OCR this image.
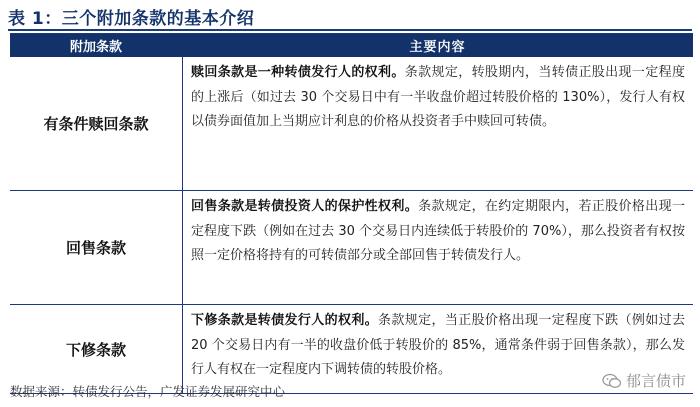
表 1：三个附加条款的基本介绍
附加条款	主要内容
有条件赎回条款
赎回条款是一种转债发行人的权利。条款规定，转股期内，当转债正股出现一定程度的上涨后（如过去 30 个交易日中有一半收盘价超过转股价格的 130%），发行人有权以债券面值加上当期应计利息的价格从投资者手中赎回可转债。
回售条款
回售条款是转债投资人的保护性权利。条款规定，在约定期限内，若正股价格出现一定程度下跌（例如在过去 30 个交易日内连续低于转股价的 70%），那么投资者有权按照一定价格将持有的可转债部分或全部回售于转债发行人。
下修条款
下修条款是转债发行人的权利。条款规定，当正股价格出现一定程度下跌（例如过去 20 个交易日内有一半的收盘价低于转股价的 85%，通常条件弱于回售条款），那么发行人有权在一定程度内下调转债的转股价格。
数据来源：转债发行公告，广发证券发展研究中心
郁言债市
